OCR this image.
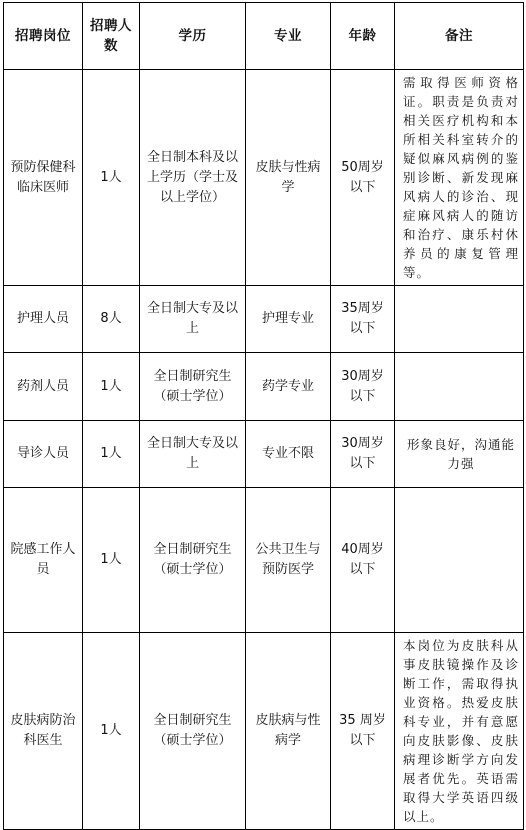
招聘岗位	招聘人数	学历	专业	年龄	备注
预防保健科临床医师	1人	全日制本科及以上学历（学士及以上学位）	皮肤与性病学	50周岁以下	需取得医师资格证。职责是负责对相关医疗机构和本所相关科室转介的疑似麻风病例的鉴别诊断、新发现麻风病人的诊治、现症麻风病人的随访和治疗、康乐村休养员的康复管理等。
护理人员	8人	全日制大专及以上	护理专业	35周岁以下	
药剂人员	1人	全日制研究生（硕士学位）	药学专业	30周岁以下	
导诊人员	1人	全日制大专及以上	专业不限	30周岁以下	形象良好，沟通能力强
院感工作人员	1人	全日制研究生（硕士学位）	公共卫生与预防医学	40周岁以下	
皮肤病防治科医生	1人	全日制研究生（硕士学位）	皮肤病与性病学	35 周岁以下	本岗位为皮肤科从事皮肤镜操作及诊断工作，需取得执业资格。热爱皮肤科专业，并有意愿向皮肤影像、皮肤病理诊断学方向发展者优先。英语需取得大学英语四级以上。
